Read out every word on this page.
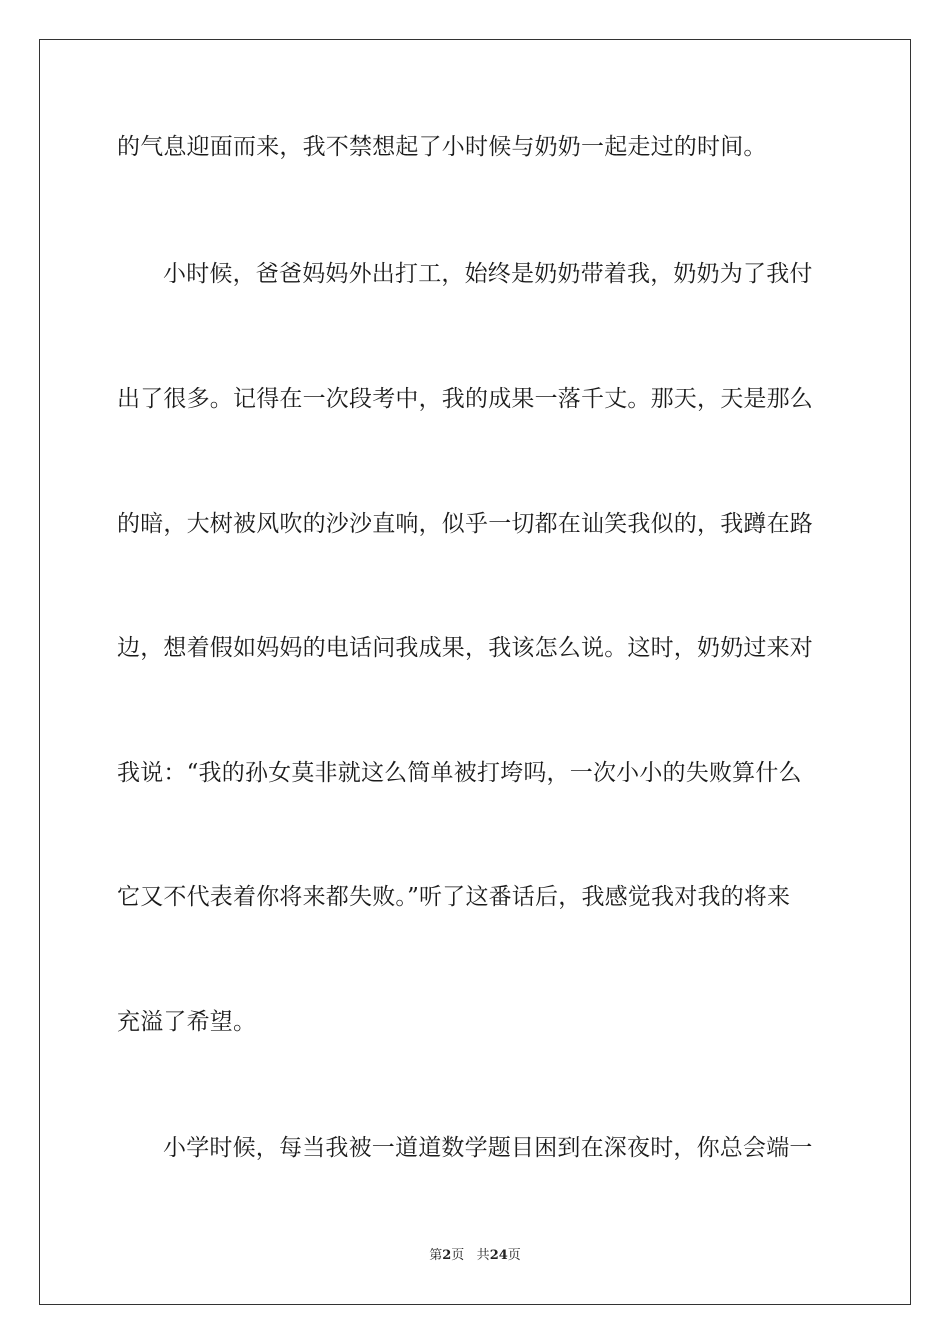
的气息迎面而来，我不禁想起了小时候与奶奶一起走过的时间。
小时候，爸爸妈妈外出打工，始终是奶奶带着我，奶奶为了我付
出了很多。记得在一次段考中，我的成果一落千丈。那天，天是那么
的暗，大树被风吹的沙沙直响，似乎一切都在讪笑我似的，我蹲在路
边，想着假如妈妈的电话问我成果，我该怎么说。这时，奶奶过来对
我说：“我的孙女莫非就这么简单被打垮吗，一次小小的失败算什么
它又不代表着你将来都失败。”听了这番话后，我感觉我对我的将来
充溢了希望。
小学时候，每当我被一道道数学题目困到在深夜时，你总会端一
第2页 共24页
